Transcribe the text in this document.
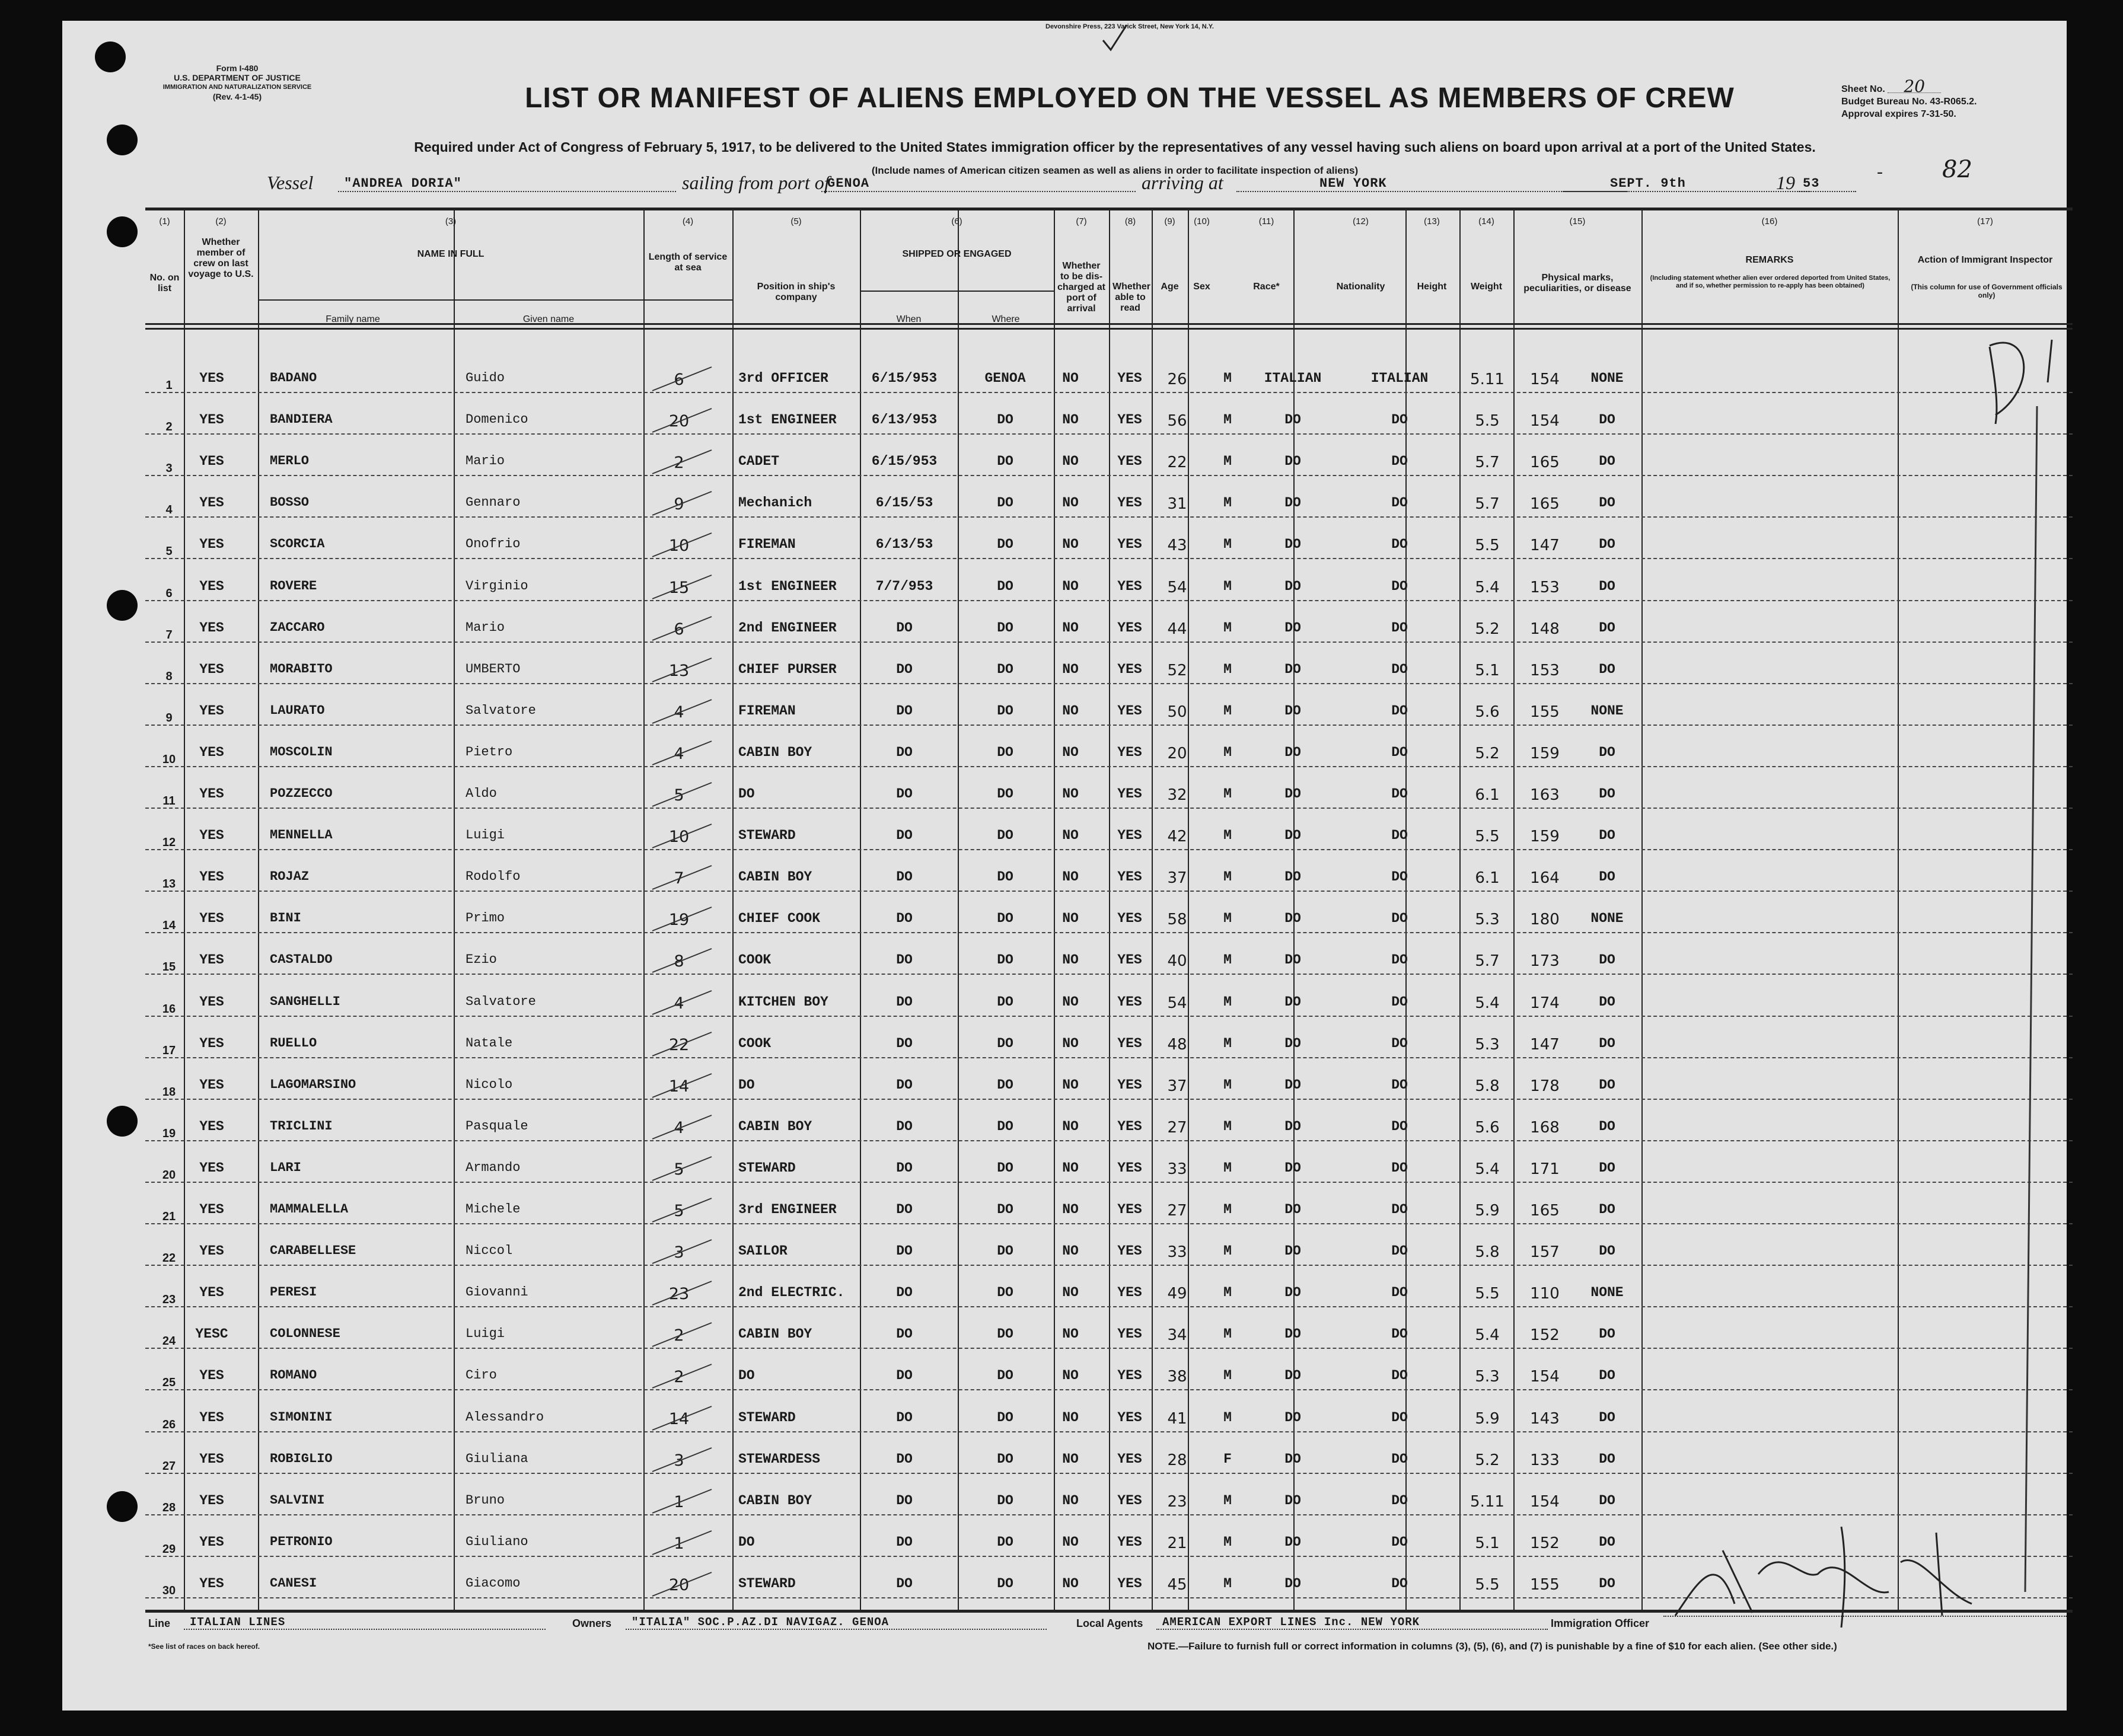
Form I-480
U.S. DEPARTMENT OF JUSTICE
IMMIGRATION AND NATURALIZATION SERVICE
(Rev. 4-1-45)
Devonshire Press, 223 Varick Street, New York 14, N.Y.
LIST OR MANIFEST OF ALIENS EMPLOYED ON THE VESSEL AS MEMBERS OF CREW
Required under Act of Congress of February 5, 1917, to be delivered to the United States immigration officer by the representatives of any vessel having such aliens on board upon arrival at a port of the United States.
(Include names of American citizen seamen as well as aliens in order to facilitate inspection of aliens)
Sheet No. 20
Budget Bureau No. 43-R065.2.
Approval expires 7-31-50.
82
-
Vessel	"ANDREA DORIA"	sailing from port of
GENOA	arriving at	NEW YORK	SEPT. 9th	19 53
(1)
No. on list
(2)
Whether member of crew on last voyage to U.S.
(3)
NAME IN FULL
(4)
Length of service at sea
(5)
Position in ship's company
(6)
SHIPPED OR ENGAGED
(7)
Whether to be dis-charged at port of arrival
(8)
Whether able to read
(9)
Age
(10)
Sex
(11)
Race*
(12)
Nationality
(13)
Height
(14)
Weight
(15)
Physical marks, peculiarities, or disease
(16)
REMARKS
(17)
Action of Immigrant Inspector
Family name	Given name	When	Where
(Including statement whether alien ever ordered deported from United States, and if so, whether permission to re-apply has been obtained)	(This column for use of Government officials only)
1	YES	BADANO	Guido	6	3rd OFFICER	6/15/953	GENOA	NO	YES	26	M	ITALIAN	ITALIAN	5.11	154	NONE
2	YES	BANDIERA	Domenico	20	1st ENGINEER	6/13/953	DO	NO	YES	56	M	DO	DO	5.5	154	DO
3	YES	MERLO	Mario	2	CADET	6/15/953	DO	NO	YES	22	M	DO	DO	5.7	165	DO
4	YES	BOSSO	Gennaro	9	Mechanich	6/15/53	DO	NO	YES	31	M	DO	DO	5.7	165	DO
5	YES	SCORCIA	Onofrio	10	FIREMAN	6/13/53	DO	NO	YES	43	M	DO	DO	5.5	147	DO
6	YES	ROVERE	Virginio	15	1st ENGINEER	7/7/953	DO	NO	YES	54	M	DO	DO	5.4	153	DO
7	YES	ZACCARO	Mario	6	2nd ENGINEER	DO	DO	NO	YES	44	M	DO	DO	5.2	148	DO
8	YES	MORABITO	UMBERTO	13	CHIEF PURSER	DO	DO	NO	YES	52	M	DO	DO	5.1	153	DO
9	YES	LAURATO	Salvatore	4	FIREMAN	DO	DO	NO	YES	50	M	DO	DO	5.6	155	NONE
10	YES	MOSCOLIN	Pietro	4	CABIN BOY	DO	DO	NO	YES	20	M	DO	DO	5.2	159	DO
11	YES	POZZECCO	Aldo	5	DO	DO	DO	NO	YES	32	M	DO	DO	6.1	163	DO
12	YES	MENNELLA	Luigi	10	STEWARD	DO	DO	NO	YES	42	M	DO	DO	5.5	159	DO
13	YES	ROJAZ	Rodolfo	7	CABIN BOY	DO	DO	NO	YES	37	M	DO	DO	6.1	164	DO
14	YES	BINI	Primo	19	CHIEF COOK	DO	DO	NO	YES	58	M	DO	DO	5.3	180	NONE
15	YES	CASTALDO	Ezio	8	COOK	DO	DO	NO	YES	40	M	DO	DO	5.7	173	DO
16	YES	SANGHELLI	Salvatore	4	KITCHEN BOY	DO	DO	NO	YES	54	M	DO	DO	5.4	174	DO
17	YES	RUELLO	Natale	22	COOK	DO	DO	NO	YES	48	M	DO	DO	5.3	147	DO
18	YES	LAGOMARSINO	Nicolo	14	DO	DO	DO	NO	YES	37	M	DO	DO	5.8	178	DO
19	YES	TRICLINI	Pasquale	4	CABIN BOY	DO	DO	NO	YES	27	M	DO	DO	5.6	168	DO
20	YES	LARI	Armando	5	STEWARD	DO	DO	NO	YES	33	M	DO	DO	5.4	171	DO
21	YES	MAMMALELLA	Michele	5	3rd ENGINEER	DO	DO	NO	YES	27	M	DO	DO	5.9	165	DO
22	YES	CARABELLESE	Niccol	3	SAILOR	DO	DO	NO	YES	33	M	DO	DO	5.8	157	DO
23	YES	PERESI	Giovanni	23	2nd ELECTRIC.	DO	DO	NO	YES	49	M	DO	DO	5.5	110	NONE
24	YESC	COLONNESE	Luigi	2	CABIN BOY	DO	DO	NO	YES	34	M	DO	DO	5.4	152	DO
25	YES	ROMANO	Ciro	2	DO	DO	DO	NO	YES	38	M	DO	DO	5.3	154	DO
26	YES	SIMONINI	Alessandro	14	STEWARD	DO	DO	NO	YES	41	M	DO	DO	5.9	143	DO
27	YES	ROBIGLIO	Giuliana	3	STEWARDESS	DO	DO	NO	YES	28	F	DO	DO	5.2	133	DO
28	YES	SALVINI	Bruno	1	CABIN BOY	DO	DO	NO	YES	23	M	DO	DO	5.11	154	DO
29	YES	PETRONIO	Giuliano	1	DO	DO	DO	NO	YES	21	M	DO	DO	5.1	152	DO
30	YES	CANESI	Giacomo	20	STEWARD	DO	DO	NO	YES	45	M	DO	DO	5.5	155	DO
Line	ITALIAN LINES	Owners	"ITALIA" SOC.P.AZ.DI NAVIGAZ. GENOA	Local Agents	AMERICAN EXPORT LINES Inc. NEW YORK	Immigration Officer
*See list of races on back hereof.	NOTE.—Failure to furnish full or correct information in columns (3), (5), (6), and (7) is punishable by a fine of $10 for each alien. (See other side.)
